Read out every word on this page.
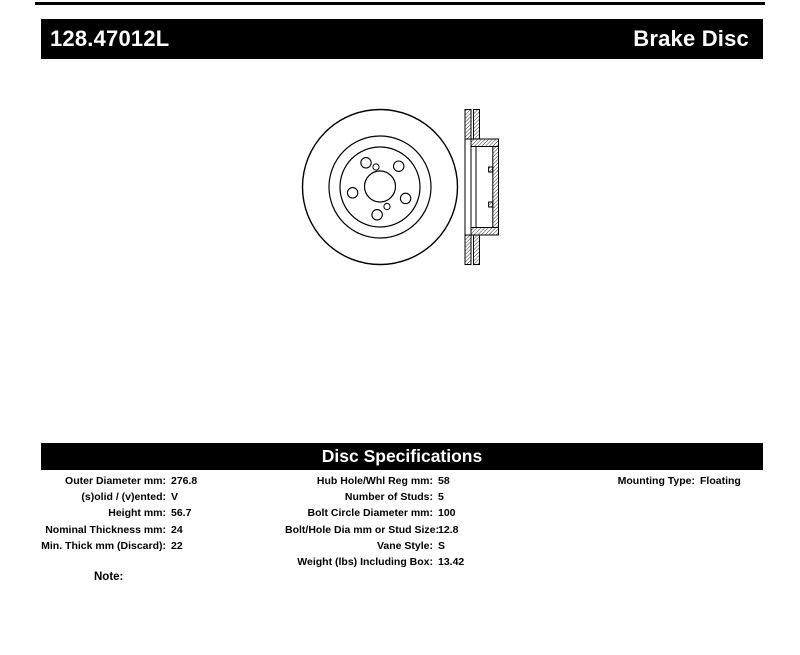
128.47012L	Brake Disc
Disc Specifications
Outer Diameter mm: 276.8
(s)olid / (v)ented: V
Height mm: 56.7
Nominal Thickness mm: 24
Min. Thick mm (Discard): 22
Hub Hole/Whl Reg mm: 58
Number of Studs: 5
Bolt Circle Diameter mm: 100
Bolt/Hole Dia mm or Stud Size:
12.8
Vane Style: S
Weight (lbs) Including Box: 13.42
Mounting Type: Floating
Note:
